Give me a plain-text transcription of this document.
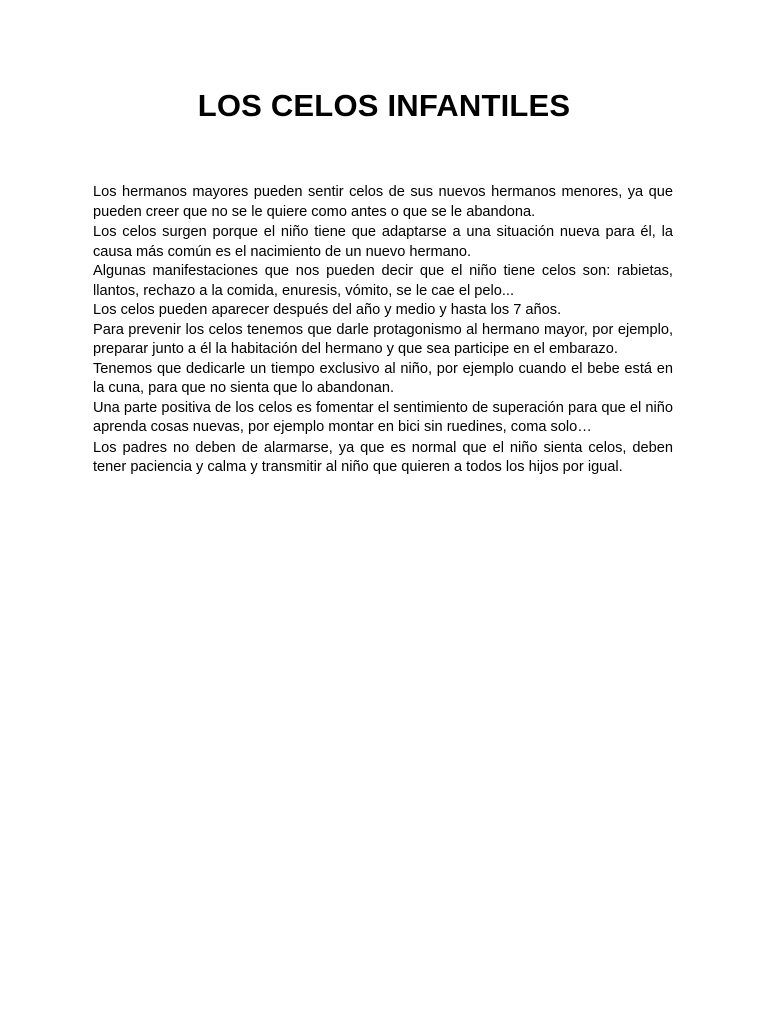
LOS CELOS INFANTILES

Los hermanos mayores pueden sentir celos de sus nuevos hermanos menores, ya que pueden creer que no se le quiere como antes o que se le abandona.

Los celos surgen porque el niño tiene que adaptarse a una situación nueva para él, la causa más común es el nacimiento de un nuevo hermano.

Algunas manifestaciones que nos pueden decir que el niño tiene celos son: rabietas, llantos, rechazo a la comida, enuresis, vómito, se le cae el pelo...

Los celos pueden aparecer después del año y medio y hasta los 7 años.

Para prevenir los celos tenemos que darle protagonismo al hermano mayor, por ejemplo, preparar junto a él la habitación del hermano y que sea participe en el embarazo.

Tenemos que dedicarle un tiempo exclusivo al niño, por ejemplo cuando el bebe está en la cuna, para que no sienta que lo abandonan.

Una parte positiva de los celos es fomentar el sentimiento de superación para que el niño aprenda cosas nuevas, por ejemplo montar en bici sin ruedines, coma solo…

Los padres no deben de alarmarse, ya que es normal que el niño sienta celos, deben tener paciencia y calma y transmitir al niño que quieren a todos los hijos por igual.
